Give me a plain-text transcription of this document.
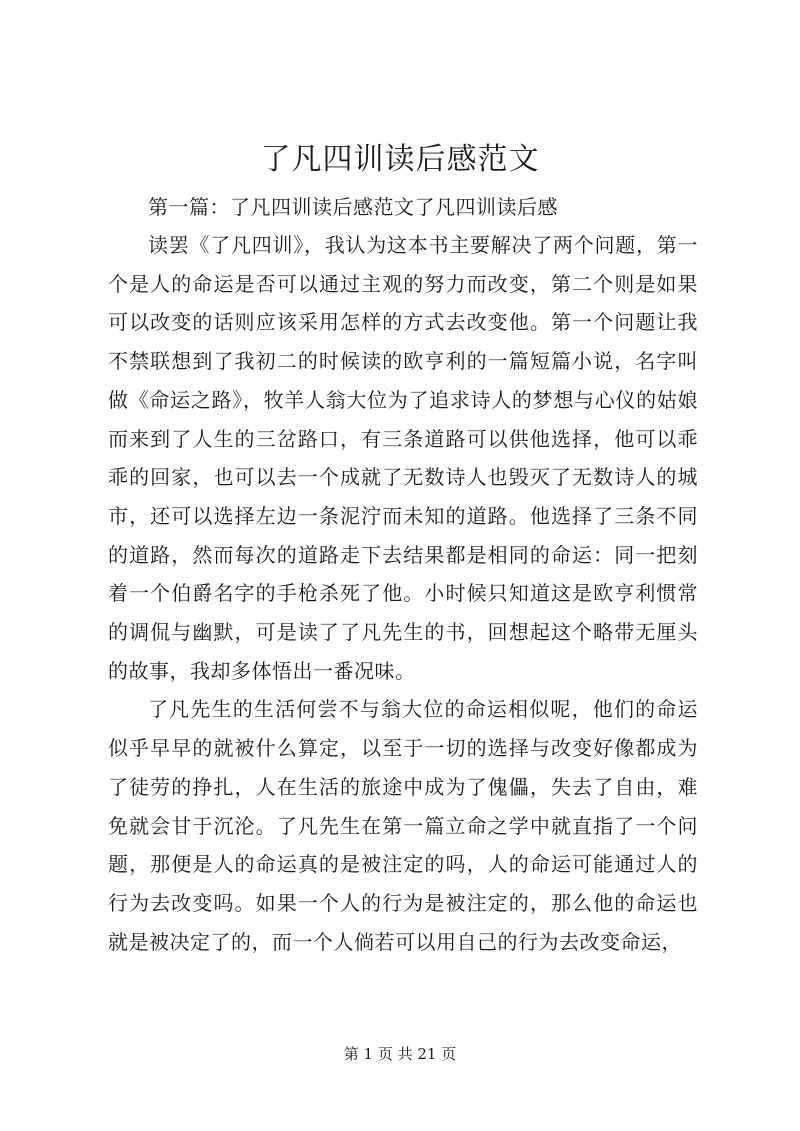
了凡四训读后感范文

第一篇：了凡四训读后感范文了凡四训读后感

读罢《了凡四训》，我认为这本书主要解决了两个问题，第一个是人的命运是否可以通过主观的努力而改变，第二个则是如果可以改变的话则应该采用怎样的方式去改变他。第一个问题让我不禁联想到了我初二的时候读的欧亨利的一篇短篇小说，名字叫做《命运之路》，牧羊人翁大位为了追求诗人的梦想与心仪的姑娘而来到了人生的三岔路口，有三条道路可以供他选择，他可以乖乖的回家，也可以去一个成就了无数诗人也毁灭了无数诗人的城市，还可以选择左边一条泥泞而未知的道路。他选择了三条不同的道路，然而每次的道路走下去结果都是相同的命运：同一把刻着一个伯爵名字的手枪杀死了他。小时候只知道这是欧亨利惯常的调侃与幽默，可是读了了凡先生的书，回想起这个略带无厘头的故事，我却多体悟出一番况味。

了凡先生的生活何尝不与翁大位的命运相似呢，他们的命运似乎早早的就被什么算定，以至于一切的选择与改变好像都成为了徒劳的挣扎，人在生活的旅途中成为了傀儡，失去了自由，难免就会甘于沉沦。了凡先生在第一篇立命之学中就直指了一个问题，那便是人的命运真的是被注定的吗，人的命运可能通过人的行为去改变吗。如果一个人的行为是被注定的，那么他的命运也就是被决定了的，而一个人倘若可以用自己的行为去改变命运，

第 1 页 共 21 页
